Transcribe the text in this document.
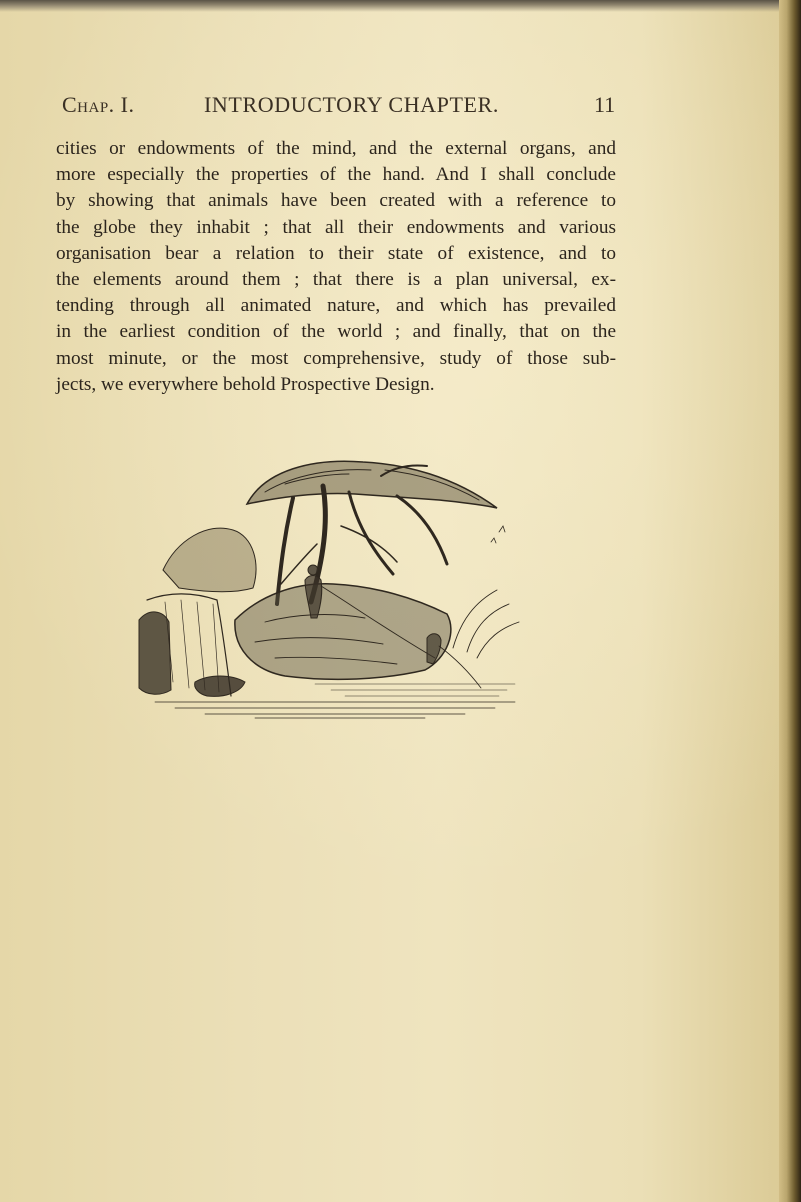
Chap. I.	INTRODUCTORY CHAPTER.	11
cities or endowments of the mind, and the external organs, and
more especially the properties of the hand. And I shall conclude
by showing that animals have been created with a reference to
the globe they inhabit ; that all their endowments and various
organisation bear a relation to their state of existence, and to
the elements around them ; that there is a plan universal, ex-
tending through all animated nature, and which has prevailed
in the earliest condition of the world ; and finally, that on the
most minute, or the most comprehensive, study of those sub-
jects, we everywhere behold Prospective Design.
